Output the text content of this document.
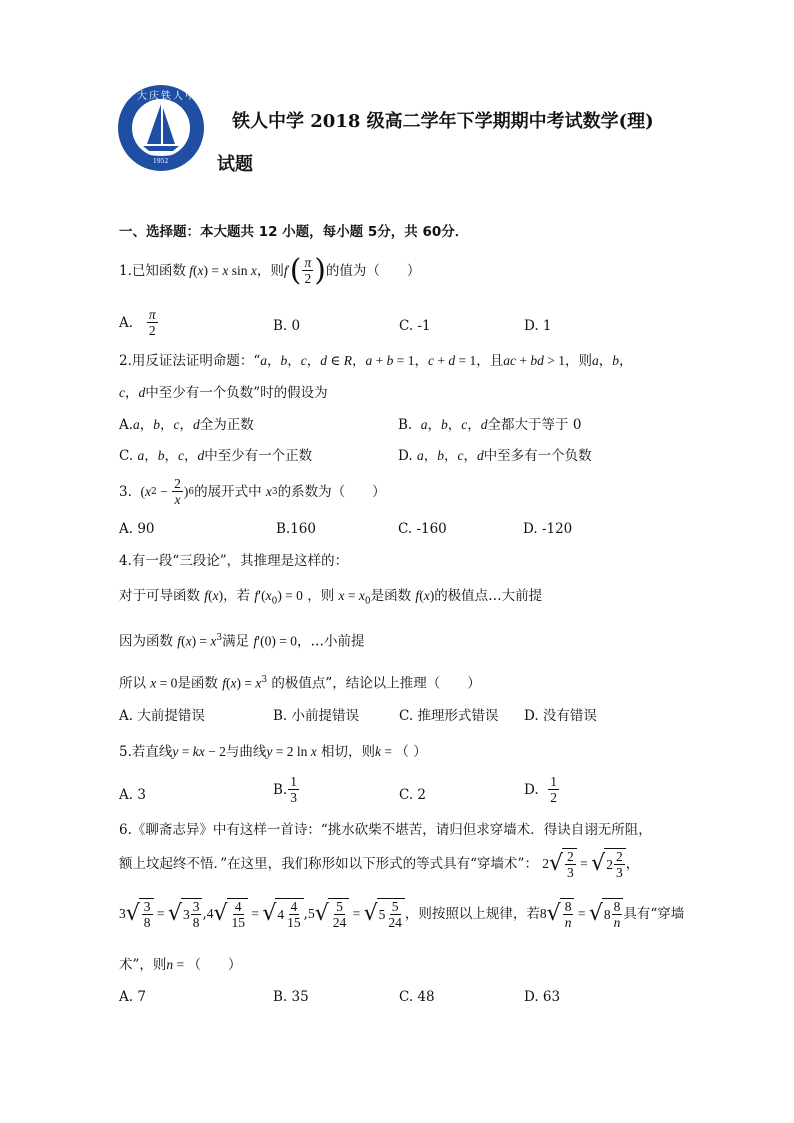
大庆铁人中学
1952
铁人中学 2018 级高二学年下学期期中考试数学(理)
试题
一、选择题：本大题共 12 小题，每小题 5分，共 60分．
1.已知函数 f ( x ) = x sin x ，则 f ′ ( $\frac{\pi}{2}$ ) 的值为（　　）
A.
$\frac{\pi}{2}$	B. 0	C. -1	D. 1
2.用反证法证明命题：“a，b，c，d ∈ R，a + b = 1，c + d = 1，且ac + bd > 1，则a，b，
c，d中至少有一个负数”时的假设为
A.a，b，c，d全为正数	B.  a，b，c，d全都大于等于 0
C. a，b，c，d中至少有一个正数	D. a，b，c，d中至多有一个负数
3.
( x $2 - \frac{2}{x}$ ) 6 的展开式中
x 3 的系数为（　　）
A. 90	B.160	C. -160	D. -120
4.有一段“三段论”，其推理是这样的：
对于可导函数 f(x)，若 $f'(x_0) = 0$ ，则 $x = x_0$是函数 f(x)的极值点…大前提
因为函数 $f(x) = x^3$满足 f′(0) = 0，…小前提
所以 x = 0是函数 $f(x) = x^3$ 的极值点”，结论以上推理（　　）
A. 大前提错误	B. 小前提错误	C. 推理形式错误 D. 没有错误
5.若直线y = kx − 2与曲线y = 2 ln x 相切，则k = （ ）
A. 3	B. $\frac{1}{3}$	C. 2	D.
$\frac{1}{2}$
6.《聊斋志异》中有这样一首诗：“挑水砍柴不堪苦，请归但求穿墙术．得诀自诩无所阻，
额上坟起终不悟．”在这里，我们称形如以下形式的等式具有“穿墙术”：
2 √ $\frac{2}{3}$ = √ $2 \frac{2}{3}$ ，
3 √ $\frac{3}{8}$ = √ $3 \frac{3}{8}$ , 4 √ $\frac{4}{15}$ = √ $4 \frac{4}{15}$ , 5 √ $\frac{5}{24}$ = √ $5 \frac{5}{24}$ ，则按照以上规律，若 8 √ $\frac{8}{n}$ = √ $8 \frac{8}{n}$ 具有“穿墙
术”，则n = （　　）
A. 7	B. 35	C. 48	D. 63
